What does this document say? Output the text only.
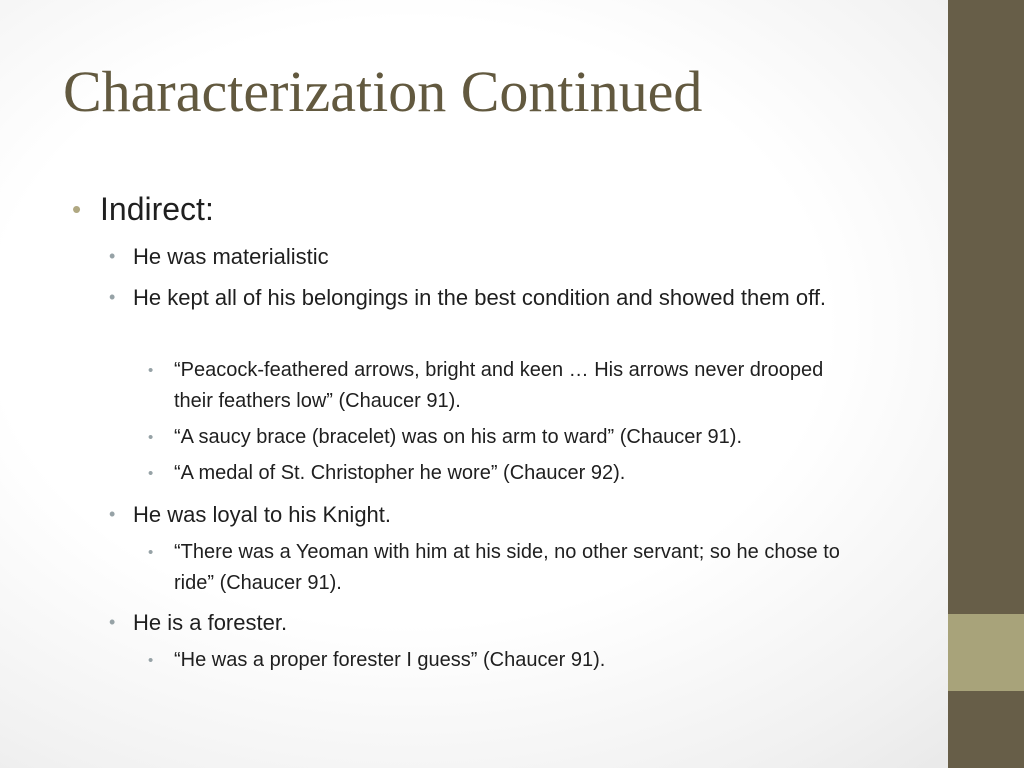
Characterization Continued
• Indirect:
• He was materialistic
• He kept all of his belongings in the best condition and showed them off.
• “Peacock-feathered arrows, bright and keen … His arrows never drooped their feathers low” (Chaucer 91).
• “A saucy brace (bracelet) was on his arm to ward” (Chaucer 91).
• “A medal of St. Christopher he wore” (Chaucer 92).
• He was loyal to his Knight.
• “There was a Yeoman with him at his side, no other servant; so he chose to ride” (Chaucer 91).
• He is a forester.
• “He was a proper forester I guess” (Chaucer 91).
